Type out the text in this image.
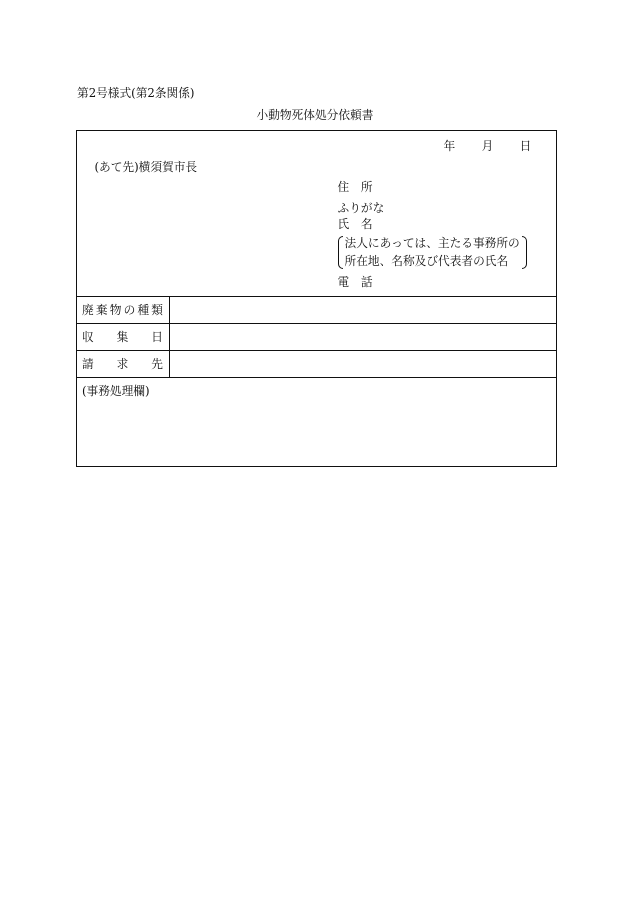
第2号様式(第2条関係)
小動物死体処分依頼書
年　　月　　日
(あて先)横須賀市長
住　所
ふりがな
氏　名
法人にあっては、主たる事務所の
所在地、名称及び代表者の氏名
電　話
廃 棄 物 の 種 類
収 集 日
請 求 先
(事務処理欄)
